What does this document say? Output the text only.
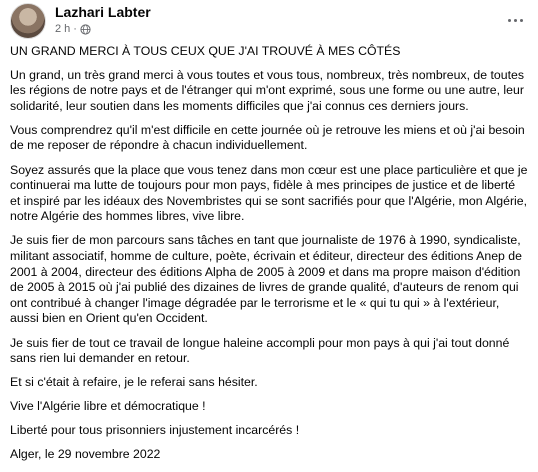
Lazhari Labter
2 h ·

UN GRAND MERCI À TOUS CEUX QUE J'AI TROUVÉ À MES CÔTÉS

Un grand, un très grand merci à vous toutes et vous tous, nombreux, très nombreux, de toutes les régions de notre pays et de l'étranger qui m'ont exprimé, sous une forme ou une autre, leur solidarité, leur soutien dans les moments difficiles que j'ai connus ces derniers jours.

Vous comprendrez qu'il m'est difficile en cette journée où je retrouve les miens et où j'ai besoin de me reposer de répondre à chacun individuellement.

Soyez assurés que la place que vous tenez dans mon cœur est une place particulière et que je continuerai ma lutte de toujours pour mon pays, fidèle à mes principes de justice et de liberté et inspiré par les idéaux des Novembristes qui se sont sacrifiés pour que l'Algérie, mon Algérie, notre Algérie des hommes libres, vive libre.

Je suis fier de mon parcours sans tâches en tant que journaliste de 1976 à 1990, syndicaliste, militant associatif, homme de culture, poète, écrivain et éditeur, directeur des éditions Anep de 2001 à 2004, directeur des éditions Alpha de 2005 à 2009 et dans ma propre maison d'édition de 2005 à 2015 où j'ai publié des dizaines de livres de grande qualité, d'auteurs de renom qui ont contribué à changer l'image dégradée par le terrorisme et le « qui tu qui » à l'extérieur, aussi bien en Orient qu'en Occident.

Je suis fier de tout ce travail de longue haleine accompli pour mon pays à qui j'ai tout donné sans rien lui demander en retour.

Et si c'était à refaire, je le referai sans hésiter.

Vive l'Algérie libre et démocratique !

Liberté pour tous prisonniers injustement incarcérés !

Alger, le 29 novembre 2022
